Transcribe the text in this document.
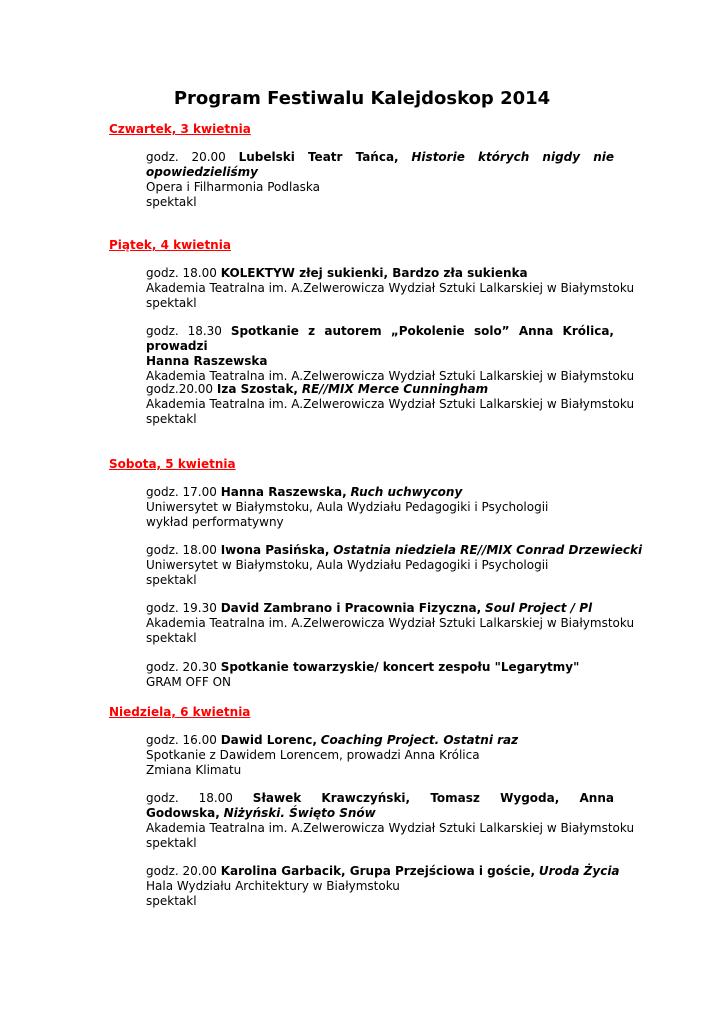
Program Festiwalu Kalejdoskop 2014
Czwartek, 3 kwietnia
godz. 20.00 Lubelski Teatr Tańca, Historie których nigdy nie
opowiedzieliśmy
Opera i Filharmonia Podlaska
spektakl
Piątek, 4 kwietnia
godz. 18.00 KOLEKTYW złej sukienki, Bardzo zła sukienka
Akademia Teatralna im. A.Zelwerowicza Wydział Sztuki Lalkarskiej w Białymstoku
spektakl
godz. 18.30 Spotkanie z autorem „Pokolenie solo” Anna Królica, prowadzi
Hanna Raszewska
Akademia Teatralna im. A.Zelwerowicza Wydział Sztuki Lalkarskiej w Białymstoku
godz.20.00 Iza Szostak, RE//MIX Merce Cunningham
Akademia Teatralna im. A.Zelwerowicza Wydział Sztuki Lalkarskiej w Białymstoku
spektakl
Sobota, 5 kwietnia
godz. 17.00 Hanna Raszewska, Ruch uchwycony
Uniwersytet w Białymstoku, Aula Wydziału Pedagogiki i Psychologii
wykład performatywny
godz. 18.00 Iwona Pasińska, Ostatnia niedziela RE//MIX Conrad Drzewiecki
Uniwersytet w Białymstoku, Aula Wydziału Pedagogiki i Psychologii
spektakl
godz. 19.30 David Zambrano i Pracownia Fizyczna, Soul Project / Pl
Akademia Teatralna im. A.Zelwerowicza Wydział Sztuki Lalkarskiej w Białymstoku
spektakl
godz. 20.30 Spotkanie towarzyskie/ koncert zespołu "Legarytmy"
GRAM OFF ON
Niedziela, 6 kwietnia
godz. 16.00 Dawid Lorenc, Coaching Project. Ostatni raz
Spotkanie z Dawidem Lorencem, prowadzi Anna Królica
Zmiana Klimatu
godz. 18.00 Sławek Krawczyński, Tomasz Wygoda, Anna
Godowska, Niżyński. Święto Snów
Akademia Teatralna im. A.Zelwerowicza Wydział Sztuki Lalkarskiej w Białymstoku
spektakl
godz. 20.00 Karolina Garbacik, Grupa Przejściowa i goście, Uroda Życia
Hala Wydziału Architektury w Białymstoku
spektakl
